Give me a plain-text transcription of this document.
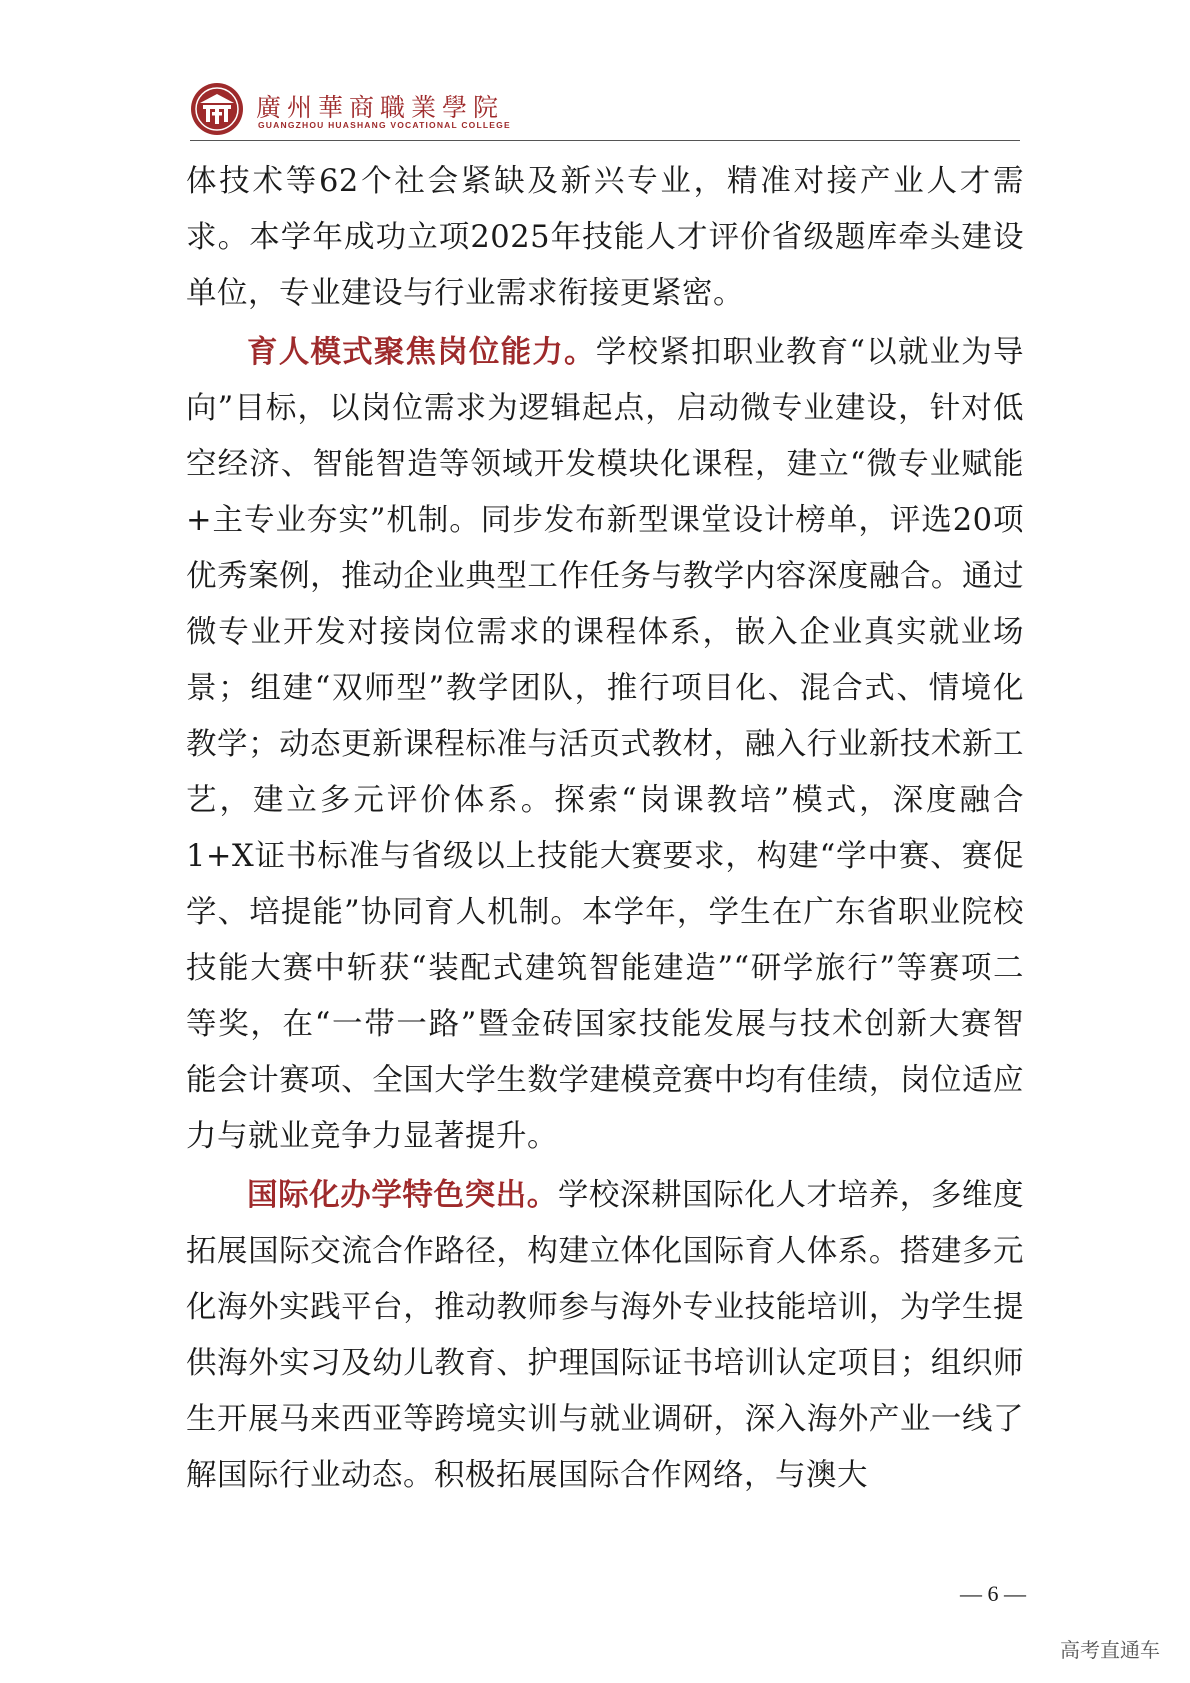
廣州華商職業學院
GUANGZHOU HUASHANG VOCATIONAL COLLEGE

体技术等62个社会紧缺及新兴专业，精准对接产业人才需求。本学年成功立项2025年技能人才评价省级题库牵头建设单位，专业建设与行业需求衔接更紧密。

育人模式聚焦岗位能力。学校紧扣职业教育“以就业为导向”目标，以岗位需求为逻辑起点，启动微专业建设，针对低空经济、智能智造等领域开发模块化课程，建立“微专业赋能+主专业夯实”机制。同步发布新型课堂设计榜单，评选20项优秀案例，推动企业典型工作任务与教学内容深度融合。通过微专业开发对接岗位需求的课程体系，嵌入企业真实就业场景；组建“双师型”教学团队，推行项目化、混合式、情境化教学；动态更新课程标准与活页式教材，融入行业新技术新工艺，建立多元评价体系。探索“岗课教培”模式，深度融合1+X证书标准与省级以上技能大赛要求，构建“学中赛、赛促学、培提能”协同育人机制。本学年，学生在广东省职业院校技能大赛中斩获“装配式建筑智能建造”“研学旅行”等赛项二等奖，在“一带一路”暨金砖国家技能发展与技术创新大赛智能会计赛项、全国大学生数学建模竞赛中均有佳绩，岗位适应力与就业竞争力显著提升。

国际化办学特色突出。学校深耕国际化人才培养，多维度拓展国际交流合作路径，构建立体化国际育人体系。搭建多元化海外实践平台，推动教师参与海外专业技能培训，为学生提供海外实习及幼儿教育、护理国际证书培训认定项目；组织师生开展马来西亚等跨境实训与就业调研，深入海外产业一线了解国际行业动态。积极拓展国际合作网络，与澳大

— 6 —
高考直通车
